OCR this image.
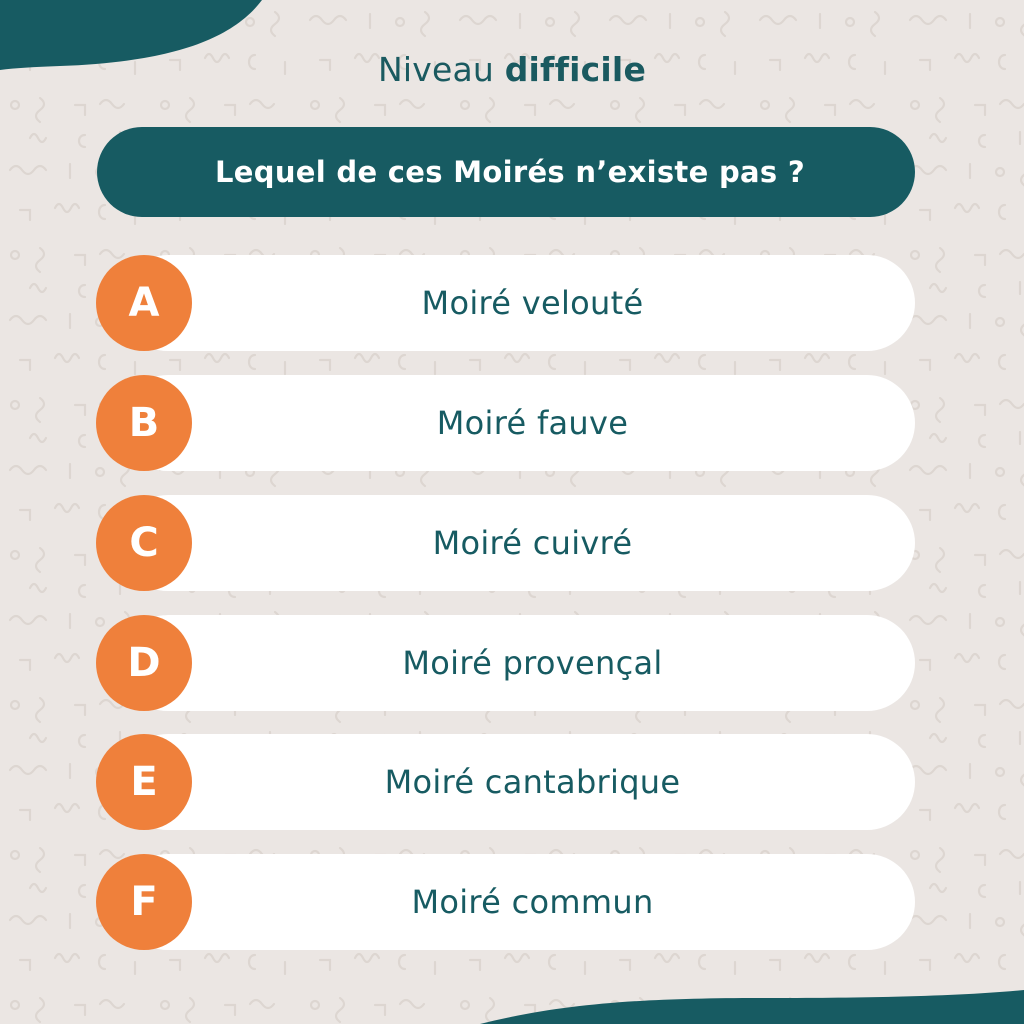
Niveau difficile
Lequel de ces Moirés n’existe pas ?
Moiré velouté
A
Moiré fauve
B
Moiré cuivré
C
Moiré provençal
D
Moiré cantabrique
E
Moiré commun
F
